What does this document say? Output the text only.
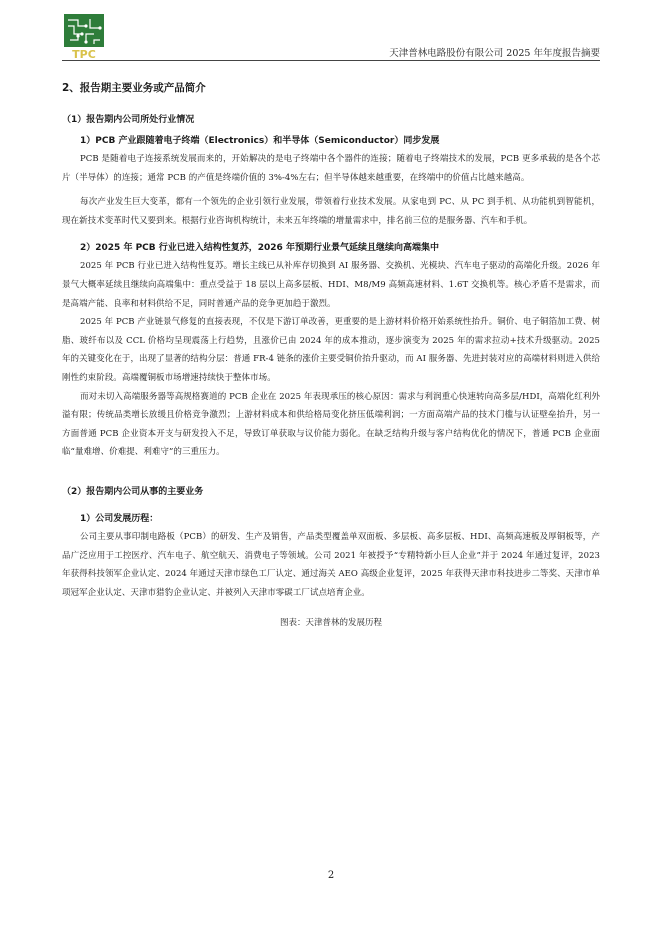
TPC	天津普林电路股份有限公司 2025 年年度报告摘要
2、报告期主要业务或产品简介
（1）报告期内公司所处行业情况
1）PCB 产业跟随着电子终端（Electronics）和半导体（Semiconductor）同步发展

PCB 是随着电子连接系统发展而来的，开始解决的是电子终端中各个器件的连接；随着电子终端技术的发展，PCB 更多承载的是各个芯片（半导体）的连接；通常 PCB 的产值是终端价值的 3%-4%左右；但半导体越来越重要，在终端中的价值占比越来越高。

每次产业发生巨大变革，都有一个领先的企业引领行业发展，带领着行业技术发展。从家电到 PC、从 PC 到手机、从功能机到智能机，现在新技术变革时代又要到来。根据行业咨询机构统计，未来五年终端的增量需求中，排名前三位的是服务器、汽车和手机。

2）2025 年 PCB 行业已进入结构性复苏，2026 年预期行业景气延续且继续向高端集中

2025 年 PCB 行业已进入结构性复苏。增长主线已从补库存切换到 AI 服务器、交换机、光模块、汽车电子驱动的高端化升级。2026 年景气大概率延续且继续向高端集中：重点受益于 18 层以上高多层板、HDI、M8/M9 高频高速材料、1.6T 交换机等。核心矛盾不是需求，而是高端产能、良率和材料供给不足，同时普通产品的竞争更加趋于激烈。

2025 年 PCB 产业链景气修复的直接表现，不仅是下游订单改善，更重要的是上游材料价格开始系统性抬升。铜价、电子铜箔加工费、树脂、玻纤布以及 CCL 价格均呈现震荡上行趋势，且涨价已由 2024 年的成本推动，逐步演变为 2025 年的需求拉动+技术升级驱动。2025 年的关键变化在于，出现了显著的结构分层：普通 FR-4 链条的涨价主要受铜价抬升驱动，而 AI 服务器、先进封装对应的高端材料则进入供给刚性约束阶段。高端覆铜板市场增速持续快于整体市场。

而对未切入高端服务器等高规格赛道的 PCB 企业在 2025 年表现承压的核心原因：需求与利润重心快速转向高多层/HDI，高端化红利外溢有限；传统品类增长放缓且价格竞争激烈；上游材料成本和供给格局变化挤压低端利润；一方面高端产品的技术门槛与认证壁垒抬升，另一方面普通 PCB 企业资本开支与研发投入不足，导致订单获取与议价能力弱化。在缺乏结构升级与客户结构优化的情况下，普通 PCB 企业面临“量难增、价难提、利难守”的三重压力。

（2）报告期内公司从事的主要业务
1）公司发展历程：

公司主要从事印制电路板（PCB）的研发、生产及销售，产品类型覆盖单双面板、多层板、高多层板、HDI、高频高速板及厚铜板等，产品广泛应用于工控医疗、汽车电子、航空航天、消费电子等领域。公司 2021 年被授予“专精特新小巨人企业”并于 2024 年通过复评，2023 年获得科技领军企业认定、2024 年通过天津市绿色工厂认定、通过海关 AEO 高级企业复评，2025 年获得天津市科技进步二等奖、天津市单项冠军企业认定、天津市猎豹企业认定、并被列入天津市零碳工厂试点培育企业。

图表：天津普林的发展历程
2
